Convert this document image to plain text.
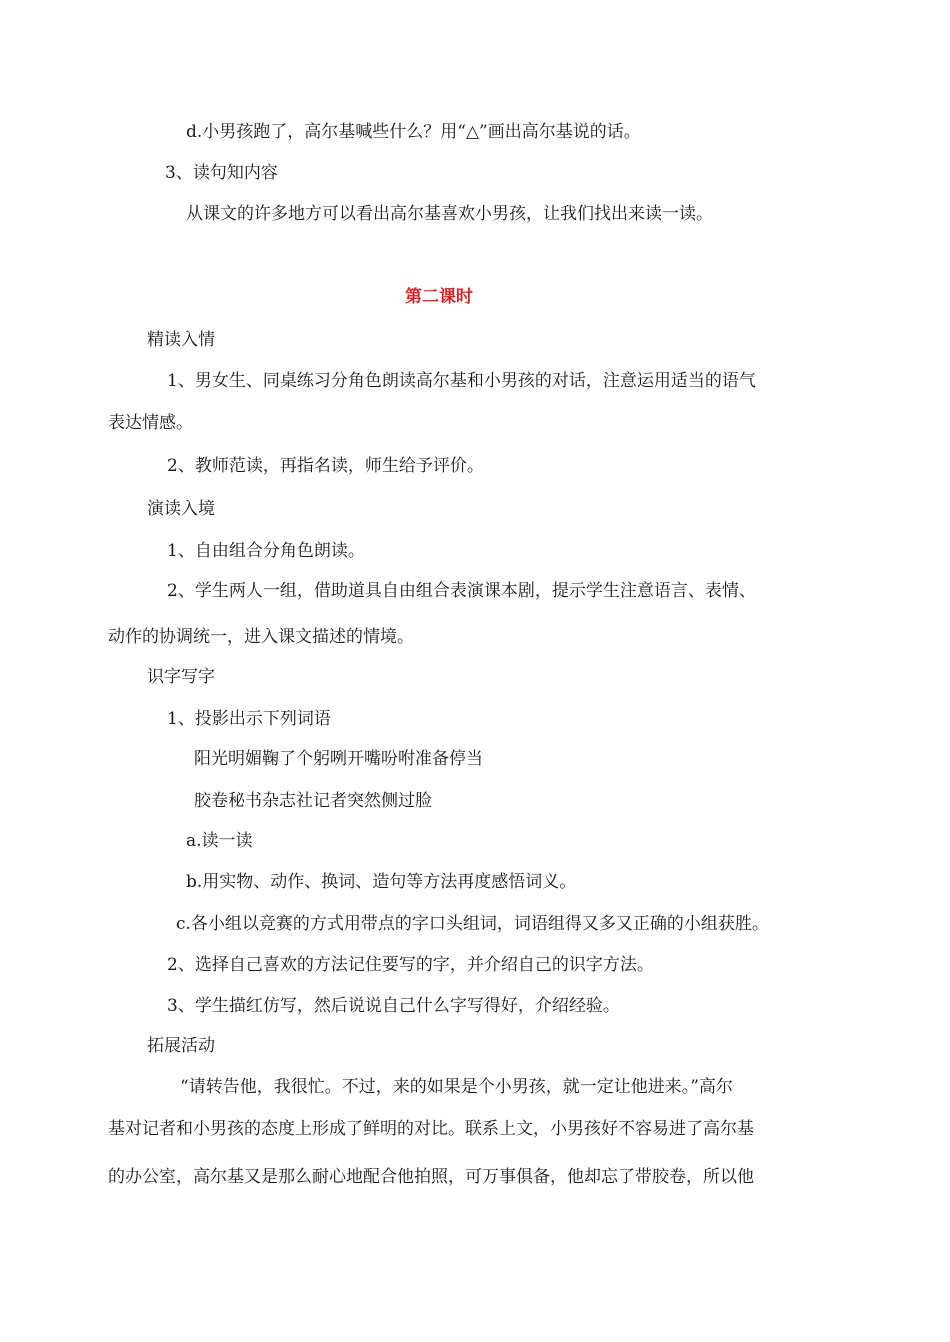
d.小男孩跑了，高尔基喊些什么？用“△”画出高尔基说的话。
3、读句知内容
从课文的许多地方可以看出高尔基喜欢小男孩，让我们找出来读一读。
第二课时
精读入情
1、男女生、同桌练习分角色朗读高尔基和小男孩的对话，注意运用适当的语气
表达情感。
2、教师范读，再指名读，师生给予评价。
演读入境
1、自由组合分角色朗读。
2、学生两人一组，借助道具自由组合表演课本剧，提示学生注意语言、表情、
动作的协调统一，进入课文描述的情境。
识字写字
1、投影出示下列词语
阳光明媚鞠了个躬咧开嘴吩咐准备停当
胶卷秘书杂志社记者突然侧过脸
a.读一读
b.用实物、动作、换词、造句等方法再度感悟词义。
c.各小组以竞赛的方式用带点的字口头组词，词语组得又多又正确的小组获胜。
2、选择自己喜欢的方法记住要写的字，并介绍自己的识字方法。
3、学生描红仿写，然后说说自己什么字写得好，介绍经验。
拓展活动
“请转告他，我很忙。不过，来的如果是个小男孩，就一定让他进来。”高尔
基对记者和小男孩的态度上形成了鲜明的对比。联系上文，小男孩好不容易进了高尔基
的办公室，高尔基又是那么耐心地配合他拍照，可万事俱备，他却忘了带胶卷，所以他
